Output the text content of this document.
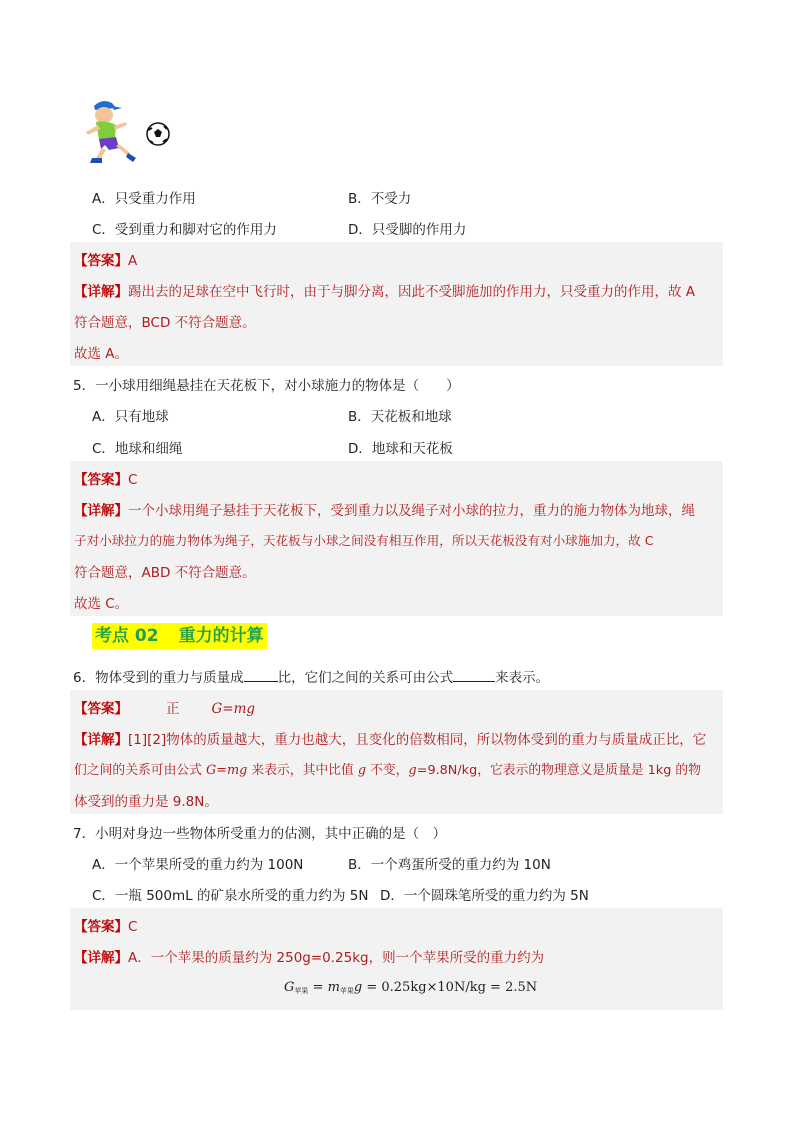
A．只受重力作用	B．不受力
C．受到重力和脚对它的作用力	D．只受脚的作用力
【答案】A
【详解】踢出去的足球在空中飞行时，由于与脚分离，因此不受脚施加的作用力，只受重力的作用，故 A
符合题意，BCD 不符合题意。
故选 A。
5．一小球用细绳悬挂在天花板下，对小球施力的物体是（　　）
A．只有地球	B．天花板和地球
C．地球和细绳	D．地球和天花板
【答案】C
【详解】一个小球用绳子悬挂于天花板下，受到重力以及绳子对小球的拉力，重力的施力物体为地球，绳
子对小球拉力的施力物体为绳子，天花板与小球之间没有相互作用，所以天花板没有对小球施加力，故 C
符合题意，ABD 不符合题意。
故选 C。
考点 02 重力的计算
6．物体受到的重力与质量成	比，它们之间的关系可由公式	来表示。
【答案】	正 G=mg
【详解】[1][2]物体的质量越大，重力也越大，且变化的倍数相同，所以物体受到的重力与质量成正比，它
们之间的关系可由公式 G=mg 来表示，其中比值 g 不变，g=9.8N/kg，它表示的物理意义是质量是 1kg 的物
体受到的重力是 9.8N。
7．小明对身边一些物体所受重力的估测，其中正确的是（　）
A．一个苹果所受的重力约为 100N	B．一个鸡蛋所受的重力约为 10N
C．一瓶 500mL 的矿泉水所受的重力约为 5N D．一个圆珠笔所受的重力约为 5N
【答案】C
【详解】A．一个苹果的质量约为 250g=0.25kg，则一个苹果所受的重力约为
$G_{苹果} = m_{苹果}g = 0.25kg\times 10N/kg = 2.5N$
